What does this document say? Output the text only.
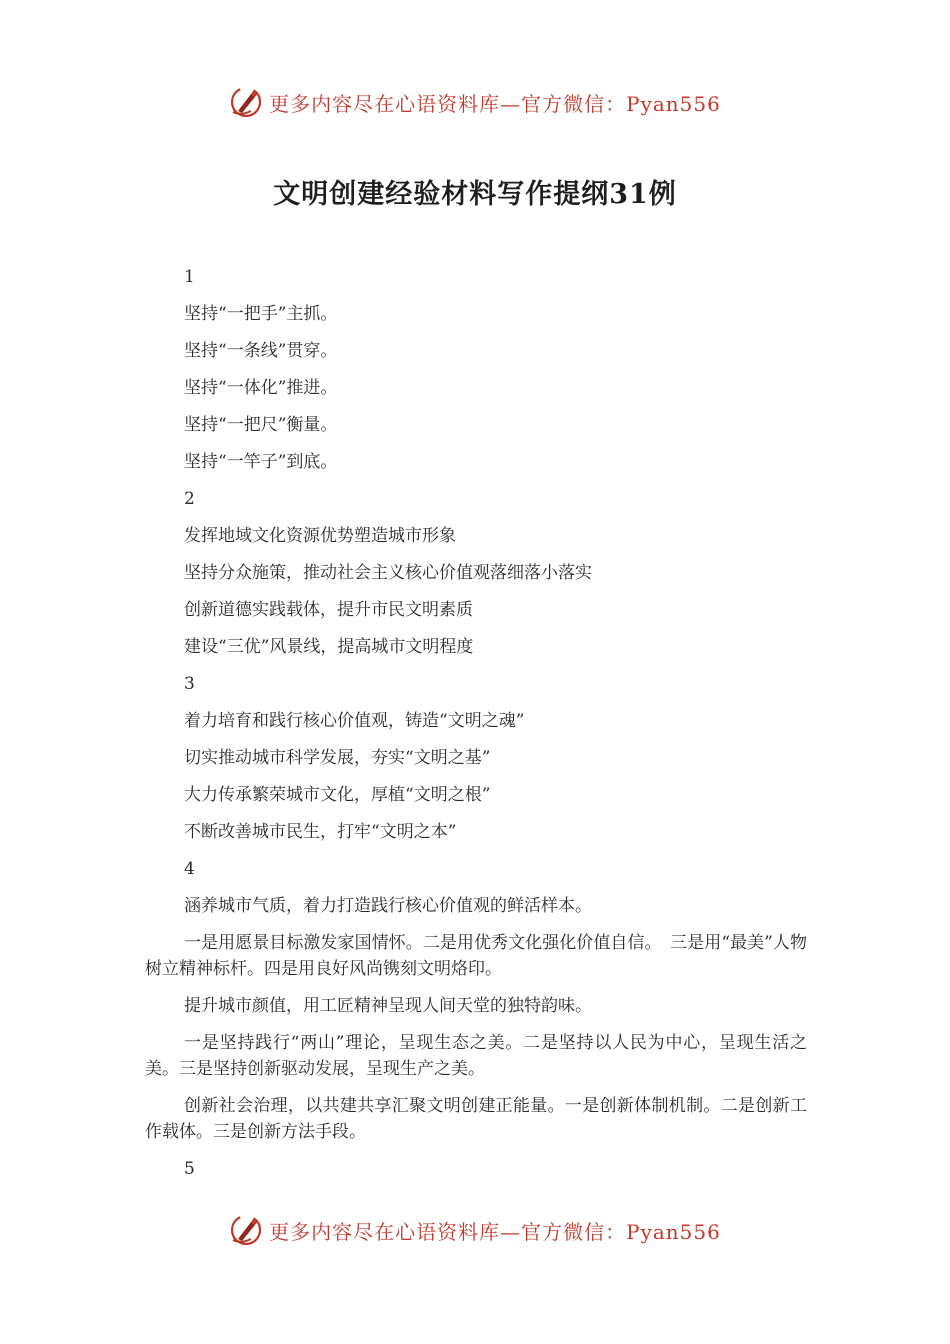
更多内容尽在心语资料库—官方微信：Pyan556
文明创建经验材料写作提纲31例

1

坚持“一把手”主抓。

坚持“一条线”贯穿。

坚持“一体化”推进。

坚持“一把尺”衡量。

坚持“一竿子”到底。

2

发挥地域文化资源优势塑造城市形象

坚持分众施策，推动社会主义核心价值观落细落小落实

创新道德实践载体，提升市民文明素质

建设“三优”风景线，提高城市文明程度

3

着力培育和践行核心价值观，铸造“文明之魂”

切实推动城市科学发展，夯实“文明之基”

大力传承繁荣城市文化，厚植“文明之根”

不断改善城市民生，打牢“文明之本”

4

涵养城市气质，着力打造践行核心价值观的鲜活样本。

一是用愿景目标激发家国情怀。二是用优秀文化强化价值自信。　三是用“最美”人物树立精神标杆。四是用良好风尚镌刻文明烙印。

提升城市颜值，用工匠精神呈现人间天堂的独特韵味。

一是坚持践行“两山”理论，呈现生态之美。二是坚持以人民为中心，呈现生活之美。三是坚持创新驱动发展，呈现生产之美。

创新社会治理，以共建共享汇聚文明创建正能量。一是创新体制机制。二是创新工作载体。三是创新方法手段。

5

更多内容尽在心语资料库—官方微信：Pyan556
